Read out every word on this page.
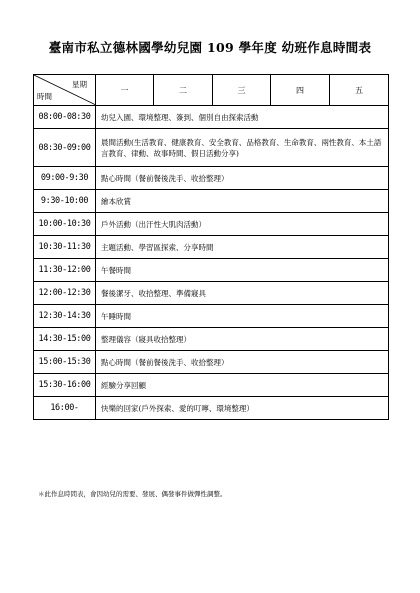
臺南市私立德林國學幼兒園 109 學年度 幼班作息時間表
星期
時間	一	二	三	四	五
08:00-08:30	幼兒入園、環境整理、簽到、個別自由探索活動				
08:30-09:00	晨間活動(生活教育、健康教育、安全教育、品格教育、生命教育、兩性教育、本土語言教育、律動、故事時間、假日活動分享)				
09:00-9:30	點心時間（餐前餐後洗手、收拾整理）				
9:30-10:00	繪本欣賞				
10:00-10:30	戶外活動（出汗性大肌肉活動）				
10:30-11:30	主題活動、學習區探索、分享時間				
11:30-12:00	午餐時間				
12:00-12:30	餐後潔牙、收拾整理、準備寢具				
12:30-14:30	午睡時間				
14:30-15:00	整理儀容（寢具收拾整理）				
15:00-15:30	點心時間（餐前餐後洗手、收拾整理）				
15:30-16:00	經驗分享回顧				
16:00-	快樂的回家(戶外探索、愛的叮嚀、環境整理）				
＊此作息時間表，會因幼兒的需要、發展、偶發事件做彈性調整。
